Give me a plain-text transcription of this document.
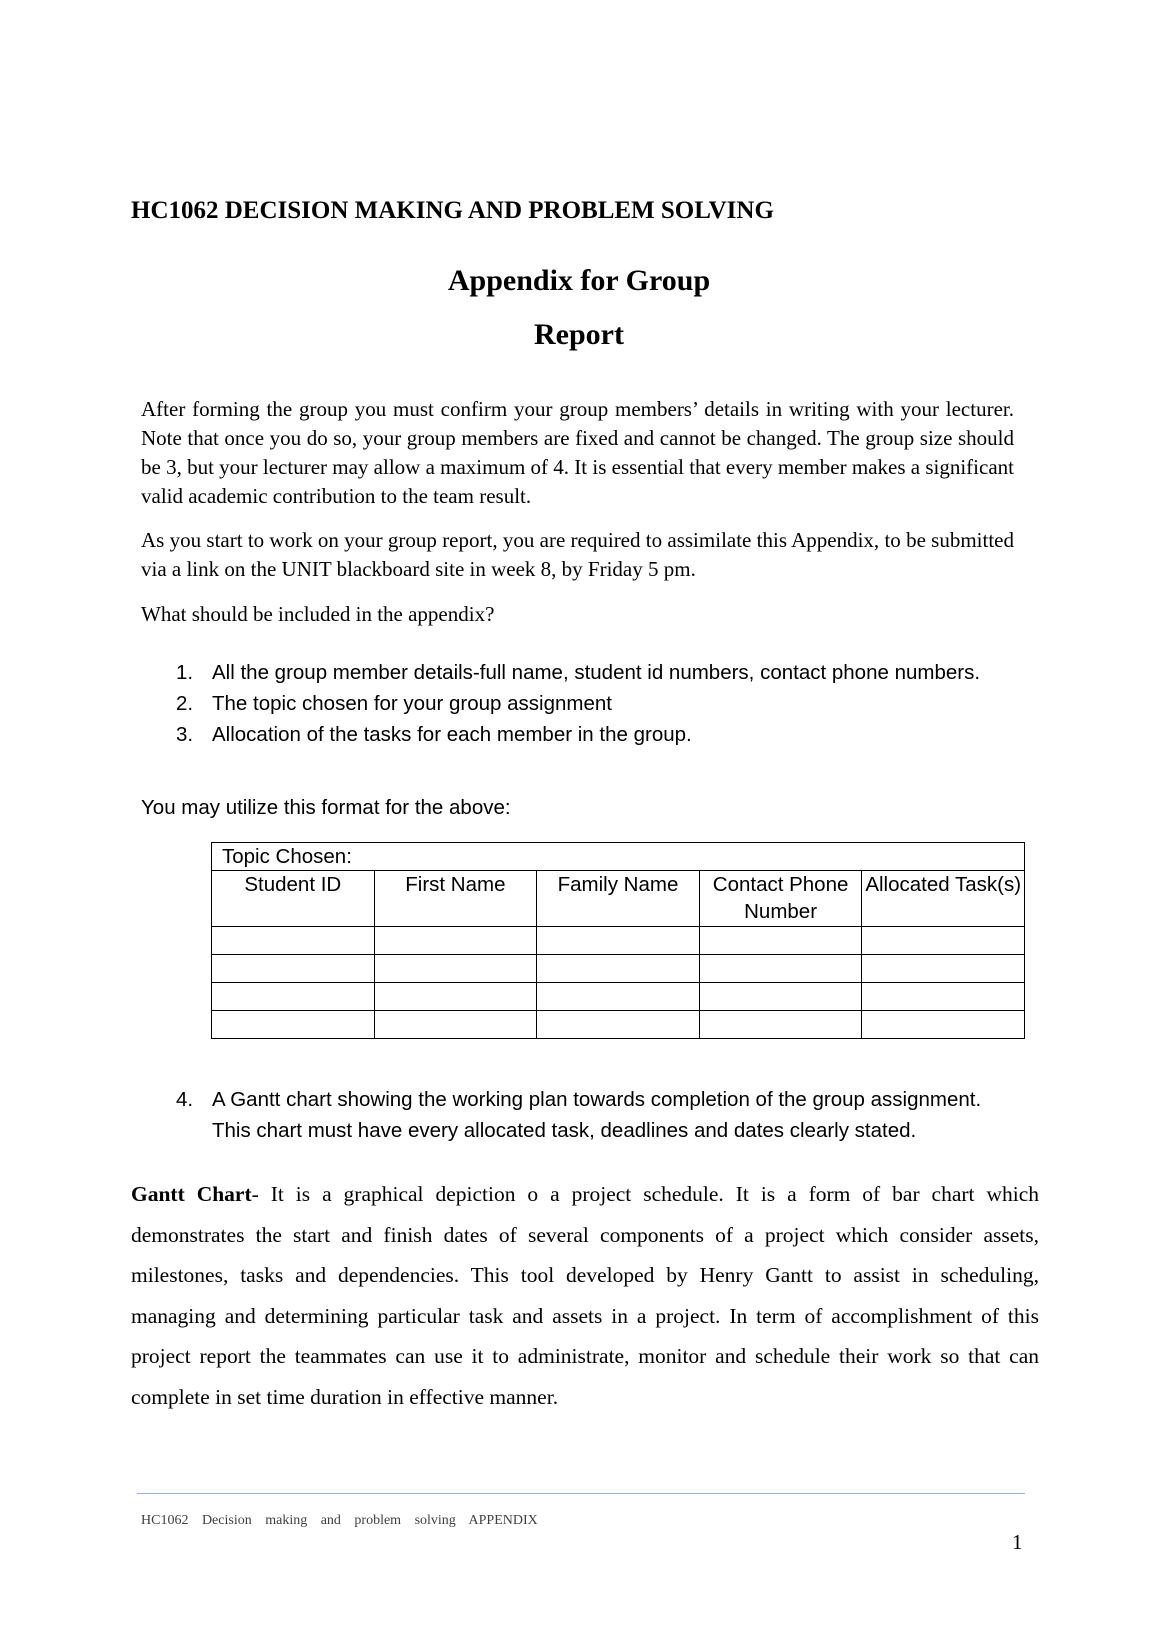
HC1062 DECISION MAKING AND PROBLEM SOLVING
Appendix for Group
Report

After forming the group you must confirm your group members’ details in writing with your lecturer. Note that once you do so, your group members are fixed and cannot be changed. The group size should be 3, but your lecturer may allow a maximum of 4. It is essential that every member makes a significant valid academic contribution to the team result.

As you start to work on your group report, you are required to assimilate this Appendix, to be submitted via a link on the UNIT blackboard site in week 8, by Friday 5 pm.

What should be included in the appendix?

1. All the group member details-full name, student id numbers, contact phone numbers.
2. The topic chosen for your group assignment
3. Allocation of the tasks for each member in the group.
You may utilize this format for the above:
Topic Chosen:				
Student ID	First Name	Family Name	Contact Phone Number	Allocated Task(s)

4. A Gantt chart showing the working plan towards completion of the group assignment. This chart must have every allocated task, deadlines and dates clearly stated.

Gantt Chart- It is a graphical depiction o a project schedule. It is a form of bar chart which demonstrates the start and finish dates of several components of a project which consider assets, milestones, tasks and dependencies. This tool developed by Henry Gantt to assist in scheduling, managing and determining particular task and assets in a project. In term of accomplishment of this project report the teammates can use it to administrate, monitor and schedule their work so that can complete in set time duration in effective manner.

HC1062 Decision making and problem solving APPENDIX
1
